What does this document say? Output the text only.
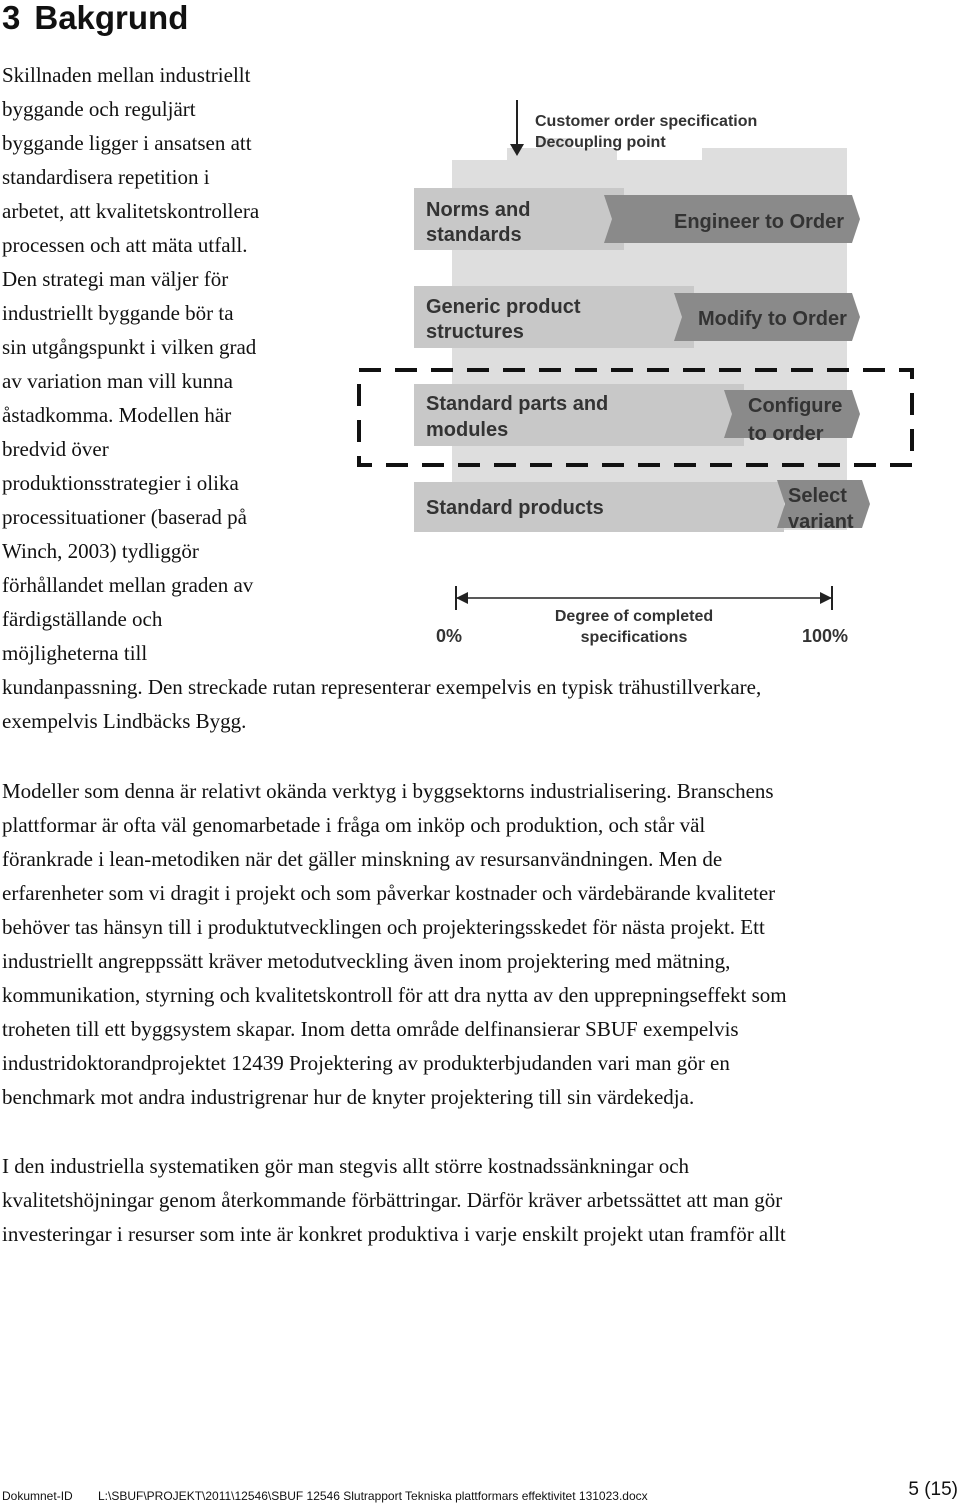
3 Bakgrund
Skillnaden mellan industriellt
byggande och reguljärt
byggande ligger i ansatsen att
standardisera repetition i
arbetet, att kvalitetskontrollera
processen och att mäta utfall.
Den strategi man väljer för
industriellt byggande bör ta
sin utgångspunkt i vilken grad
av variation man vill kunna
åstadkomma. Modellen här
bredvid över
produktionsstrategier i olika
processituationer (baserad på
Winch, 2003) tydliggör
förhållandet mellan graden av
färdigställande och
möjligheterna till
kundanpassning. Den streckade rutan representerar exempelvis en typisk trähustillverkare,
exempelvis Lindbäcks Bygg.
Customer order specification
Decoupling point
Norms and
standards
Engineer to Order
Generic product
structures
Modify to Order
Standard parts and
modules
Configure
to order
Standard products
Select
variant
Degree of completed
specifications
0%	100%
Modeller som denna är relativt okända verktyg i byggsektorns industrialisering. Branschens
plattformar är ofta väl genomarbetade i fråga om inköp och produktion, och står väl
förankrade i lean-metodiken när det gäller minskning av resursanvändningen. Men de
erfarenheter som vi dragit i projekt och som påverkar kostnader och värdebärande kvaliteter
behöver tas hänsyn till i produktutvecklingen och projekteringsskedet för nästa projekt. Ett
industriellt angreppssätt kräver metodutveckling även inom projektering med mätning,
kommunikation, styrning och kvalitetskontroll för att dra nytta av den upprepningseffekt som
troheten till ett byggsystem skapar. Inom detta område delfinansierar SBUF exempelvis
industridoktorandprojektet 12439 Projektering av produkterbjudanden vari man gör en
benchmark mot andra industrigrenar hur de knyter projektering till sin värdekedja.
I den industriella systematiken gör man stegvis allt större kostnadssänkningar och
kvalitetshöjningar genom återkommande förbättringar. Därför kräver arbetssättet att man gör
investeringar i resurser som inte är konkret produktiva i varje enskilt projekt utan framför allt
Dokumnet-ID L:\SBUF\PROJEKT\2011\12546\SBUF 12546 Slutrapport Tekniska plattformars effektivitet 131023.docx	5 (15)
